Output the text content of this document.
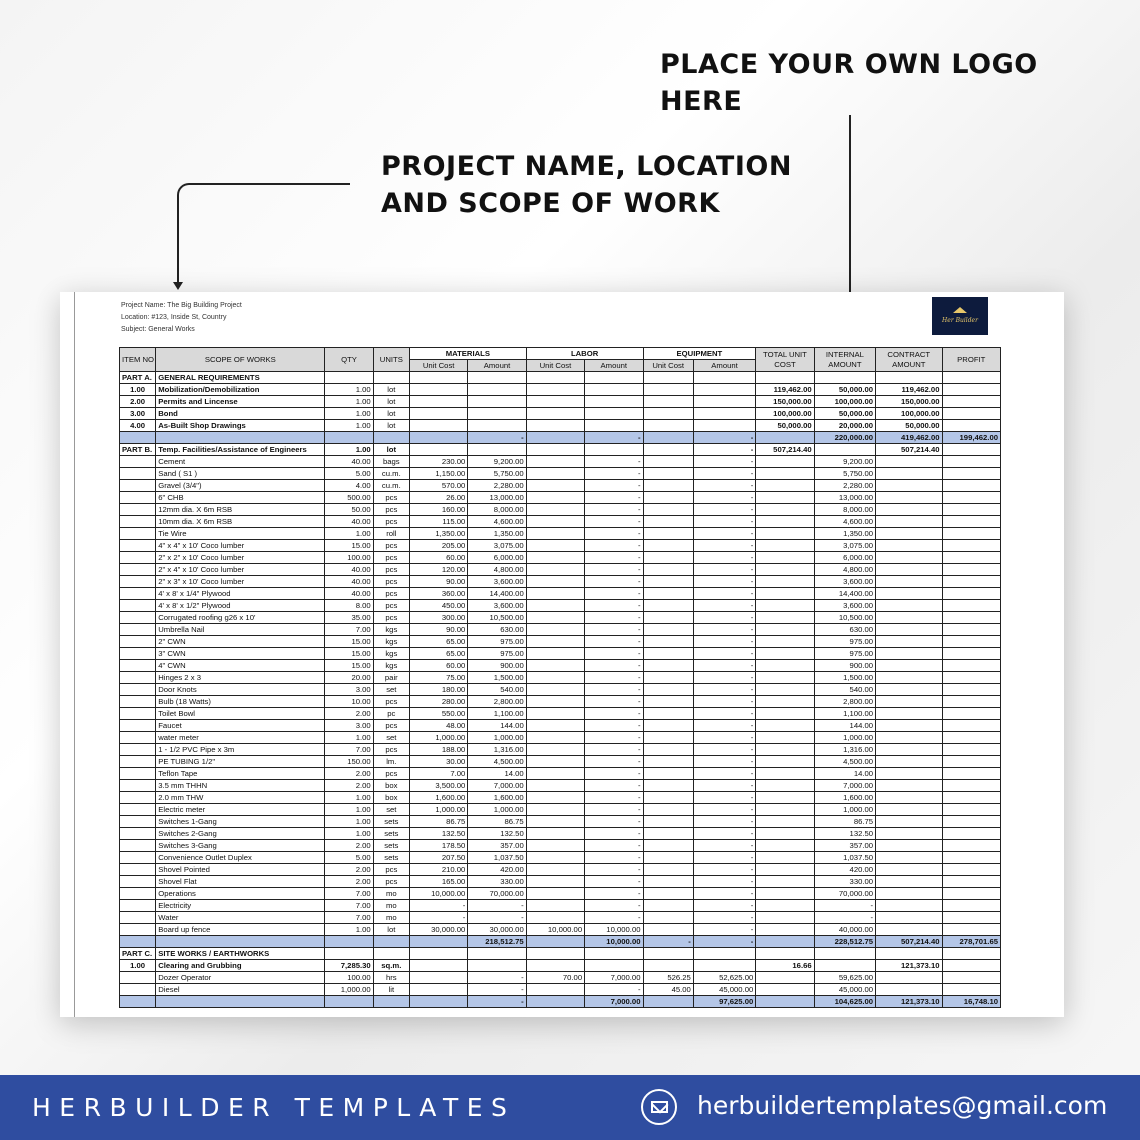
PLACE YOUR OWN LOGO HERE
PROJECT NAME, LOCATION AND SCOPE OF WORK
Project Name: The Big Building Project
Location: #123, Inside St, Country
Subject: General Works
Her Builder
ITEM NO	SCOPE OF WORKS	QTY	UNITS	MATERIALS		LABOR		EQUIPMENT		TOTAL UNIT COST	INTERNAL AMOUNT	CONTRACT AMOUNT	PROFIT
				Unit Cost	Amount	Unit Cost	Amount	Unit Cost	Amount				
PART A.	GENERAL REQUIREMENTS												
1.00	Mobilization/Demobilization	1.00	lot							119,462.00	50,000.00	119,462.00	
2.00	Permits and Lincense	1.00	lot							150,000.00	100,000.00	150,000.00	
3.00	Bond	1.00	lot							100,000.00	50,000.00	100,000.00	
4.00	As-Built Shop Drawings	1.00	lot							50,000.00	20,000.00	50,000.00	
					-		-		-		220,000.00	419,462.00	199,462.00
PART B.	Temp. Facilities/Assistance of Engineers	1.00	lot						-	507,214.40		507,214.40	
	Cement	40.00	bags	230.00	9,200.00		-		-		9,200.00		
	Sand ( S1 )	5.00	cu.m.	1,150.00	5,750.00		-		-		5,750.00		
	Gravel (3/4")	4.00	cu.m.	570.00	2,280.00		-		-		2,280.00		
	6" CHB	500.00	pcs	26.00	13,000.00		-		-		13,000.00		
	12mm dia. X 6m RSB	50.00	pcs	160.00	8,000.00		-		-		8,000.00		
	10mm dia. X 6m RSB	40.00	pcs	115.00	4,600.00		-		-		4,600.00		
	Tie Wire	1.00	roll	1,350.00	1,350.00		-		-		1,350.00		
	4" x 4" x 10' Coco lumber	15.00	pcs	205.00	3,075.00		-		-		3,075.00		
	2" x 2" x 10' Coco lumber	100.00	pcs	60.00	6,000.00		-		-		6,000.00		
	2" x 4" x 10' Coco lumber	40.00	pcs	120.00	4,800.00		-		-		4,800.00		
	2" x 3" x 10' Coco lumber	40.00	pcs	90.00	3,600.00		-		-		3,600.00		
	4' x 8' x 1/4" Plywood	40.00	pcs	360.00	14,400.00		-		-		14,400.00		
	4' x 8' x 1/2" Plywood	8.00	pcs	450.00	3,600.00		-		-		3,600.00		
	Corrugated roofing g26 x 10'	35.00	pcs	300.00	10,500.00		-		-		10,500.00		
	Umbrella Nail	7.00	kgs	90.00	630.00		-		-		630.00		
	2" CWN	15.00	kgs	65.00	975.00		-		-		975.00		
	3" CWN	15.00	kgs	65.00	975.00		-		-		975.00		
	4" CWN	15.00	kgs	60.00	900.00		-		-		900.00		
	Hinges 2 x 3	20.00	pair	75.00	1,500.00		-		-		1,500.00		
	Door Knots	3.00	set	180.00	540.00		-		-		540.00		
	Bulb (18 Watts)	10.00	pcs	280.00	2,800.00		-		-		2,800.00		
	Toilet Bowl	2.00	pc	550.00	1,100.00		-		-		1,100.00		
	Faucet	3.00	pcs	48.00	144.00		-		-		144.00		
	water meter	1.00	set	1,000.00	1,000.00		-		-		1,000.00		
	1 - 1/2 PVC Pipe x 3m	7.00	pcs	188.00	1,316.00		-		-		1,316.00		
	PE TUBING 1/2"	150.00	lm.	30.00	4,500.00		-		-		4,500.00		
	Teflon Tape	2.00	pcs	7.00	14.00		-		-		14.00		
	3.5 mm THHN	2.00	box	3,500.00	7,000.00		-		-		7,000.00		
	2.0 mm THW	1.00	box	1,600.00	1,600.00		-		-		1,600.00		
	Electric meter	1.00	set	1,000.00	1,000.00		-		-		1,000.00		
	Switches 1-Gang	1.00	sets	86.75	86.75		-		-		86.75		
	Switches 2-Gang	1.00	sets	132.50	132.50		-		-		132.50		
	Switches 3-Gang	2.00	sets	178.50	357.00		-		-		357.00		
	Convenience Outlet Duplex	5.00	sets	207.50	1,037.50		-		-		1,037.50		
	Shovel Pointed	2.00	pcs	210.00	420.00		-		-		420.00		
	Shovel Flat	2.00	pcs	165.00	330.00		-		-		330.00		
	Operations	7.00	mo	10,000.00	70,000.00		-		-		70,000.00		
	Electricity	7.00	mo	-	-		-		-		-		
	Water	7.00	mo	-	-		-		-		-		
	Board up fence	1.00	lot	30,000.00	30,000.00	10,000.00	10,000.00		-		40,000.00		
					218,512.75		10,000.00	-	-		228,512.75	507,214.40	278,701.65
PART C.	SITE WORKS / EARTHWORKS												
1.00	Clearing and Grubbing	7,285.30	sq.m.							16.66		121,373.10	
	Dozer Operator	100.00	hrs		-	70.00	7,000.00	526.25	52,625.00		59,625.00		
	Diesel	1,000.00	lit		-		-	45.00	45,000.00		45,000.00		
					-		7,000.00		97,625.00		104,625.00	121,373.10	16,748.10
HERBUILDER TEMPLATES	herbuildertemplates@gmail.com
